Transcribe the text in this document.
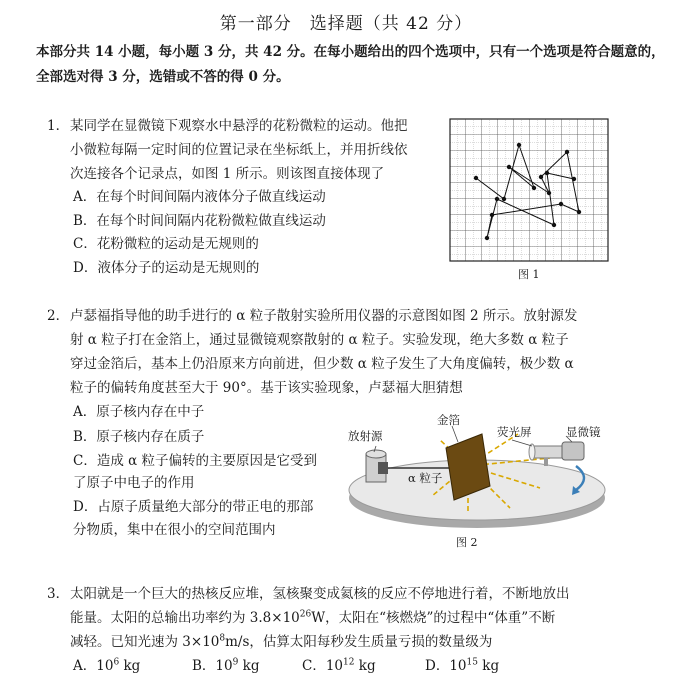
第一部分　选择题（共 42 分）
本部分共 14 小题，每小题 3 分，共 42 分。在每小题给出的四个选项中，只有一个选项是符合题意的，全部选对得 3 分，选错或不答的得 0 分。
1． 某同学在显微镜下观察水中悬浮的花粉微粒的运动。他把
小微粒每隔一定时间的位置记录在坐标纸上，并用折线依
次连接各个记录点，如图 1 所示。则该图直接体现了
A．在每个时间间隔内液体分子做直线运动
B．在每个时间间隔内花粉微粒做直线运动
C．花粉微粒的运动是无规则的
D．液体分子的运动是无规则的	图 1
2． 卢瑟福指导他的助手进行的 α 粒子散射实验所用仪器的示意图如图 2 所示。放射源发
射 α 粒子打在金箔上，通过显微镜观察散射的 α 粒子。实验发现，绝大多数 α 粒子
穿过金箔后，基本上仍沿原来方向前进，但少数 α 粒子发生了大角度偏转，极少数 α
粒子的偏转角度甚至大于 90°。基于该实验现象，卢瑟福大胆猜想
A．原子核内存在中子
B．原子核内存在质子
C．造成 α 粒子偏转的主要原因是它受到
了原子中电子的作用
D．占原子质量绝大部分的带正电的那部
分物质，集中在很小的空间范围内
放射源
金箔
荧光屏	显微镜
α 粒子
图 2
3． 太阳就是一个巨大的热核反应堆，氢核聚变成氦核的反应不停地进行着，不断地放出
能量。太阳的总输出功率约为 $3.8\times 10^{26}W$，太阳在“核燃烧”的过程中“体重”不断
减轻。已知光速为 $3\times 10^8m/s$，估算太阳每秒发生质量亏损的数量级为
A．$10^6$ kg	B．$10^9$ kg	C．$10^{12}$ kg	D．$10^{15}$ kg
